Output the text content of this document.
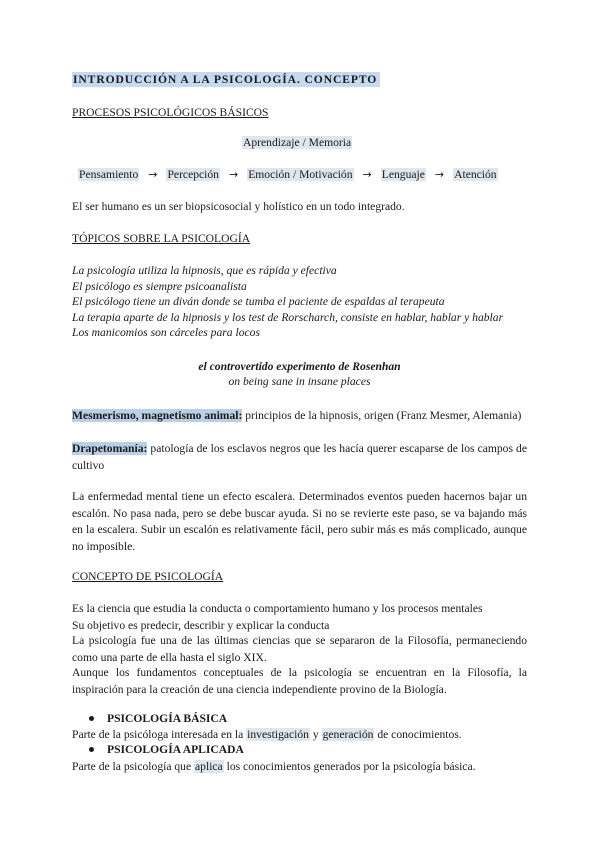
INTRODUCCIÓN A LA PSICOLOGÍA. CONCEPTO
PROCESOS PSICOLÓGICOS BÁSICOS
Aprendizaje / Memoria
Pensamiento → Percepción → Emoción / Motivación → Lenguaje → Atención
El ser humano es un ser biopsicosocial y holístico en un todo integrado.
TÓPICOS SOBRE LA PSICOLOGÍA
La psicología utiliza la hipnosis, que es rápida y efectiva
El psicólogo es siempre psicoanalista
El psicólogo tiene un diván donde se tumba el paciente de espaldas al terapeuta
La terapia aparte de la hipnosis y los test de Rorscharch, consiste en hablar, hablar y hablar
Los manicomios son cárceles para locos
el controvertido experimento de Rosenhan
on being sane in insane places
Mesmerismo, magnetismo animal: principios de la hipnosis, origen (Franz Mesmer, Alemania)
Drapetomanía: patología de los esclavos negros que les hacía querer escaparse de los campos de cultivo
La enfermedad mental tiene un efecto escalera. Determinados eventos pueden hacernos bajar un escalón. No pasa nada, pero se debe buscar ayuda. Si no se revierte este paso, se va bajando más en la escalera. Subir un escalón es relativamente fácil, pero subir más es más complicado, aunque no imposible.
CONCEPTO DE PSICOLOGÍA
Es la ciencia que estudia la conducta o comportamiento humano y los procesos mentales
Su objetivo es predecir, describir y explicar la conducta
La psicología fue una de las últimas ciencias que se separaron de la Filosofía, permaneciendo como una parte de ella hasta el siglo XIX.
Aunque los fundamentos conceptuales de la psicología se encuentran en la Filosofía, la inspiración para la creación de una ciencia independiente provino de la Biología.
PSICOLOGÍA BÁSICA
Parte de la psicóloga interesada en la investigación y generación de conocimientos.
PSICOLOGÍA APLICADA
Parte de la psicología que aplica los conocimientos generados por la psicología básica.
